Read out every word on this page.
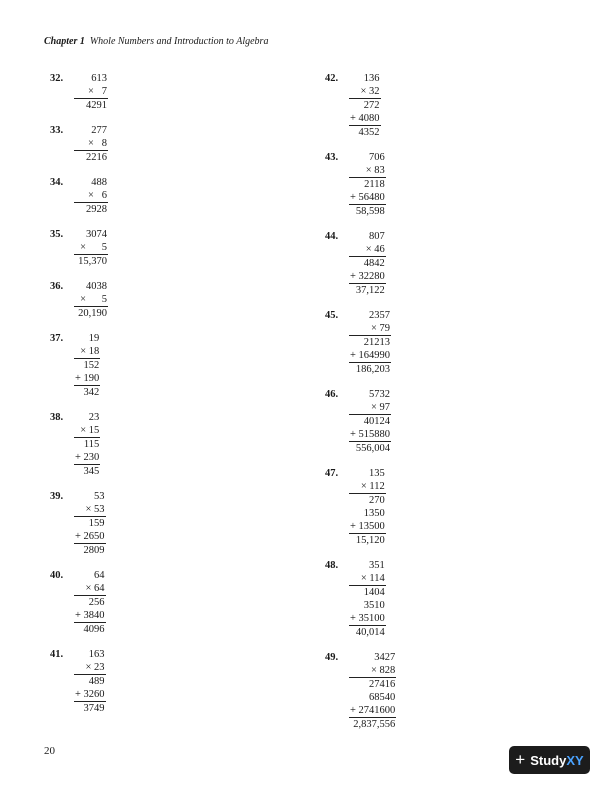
Chapter 1 Whole Numbers and Introduction to Algebra
32.	613
×   7
4291
33.	277
×   8
2216
34.	488
×   6
2928
35.	3074
×      5
15,370
36.	4038
×      5
20,190
37.	19
× 18
152
+ 190
342
38.	23
× 15
115
+ 230
345
39.	53
× 53
159
+ 2650
2809
40.	64
× 64
256
+ 3840
4096
41.	163
× 23
489
+ 3260
3749
42.	136
× 32
272
+ 4080
4352
43.	706
× 83
2118
+ 56480
58,598
44.	807
× 46
4842
+ 32280
37,122
45.	2357
× 79
21213
+ 164990
186,203
46.	5732
× 97
40124
+ 515880
556,004
47.	135
× 112
270
1350
+ 13500
15,120
48.	351
× 114
1404
3510
+ 35100
40,014
49.	3427
× 828
27416
68540
+ 2741600
2,837,556
20	+ Study XY
